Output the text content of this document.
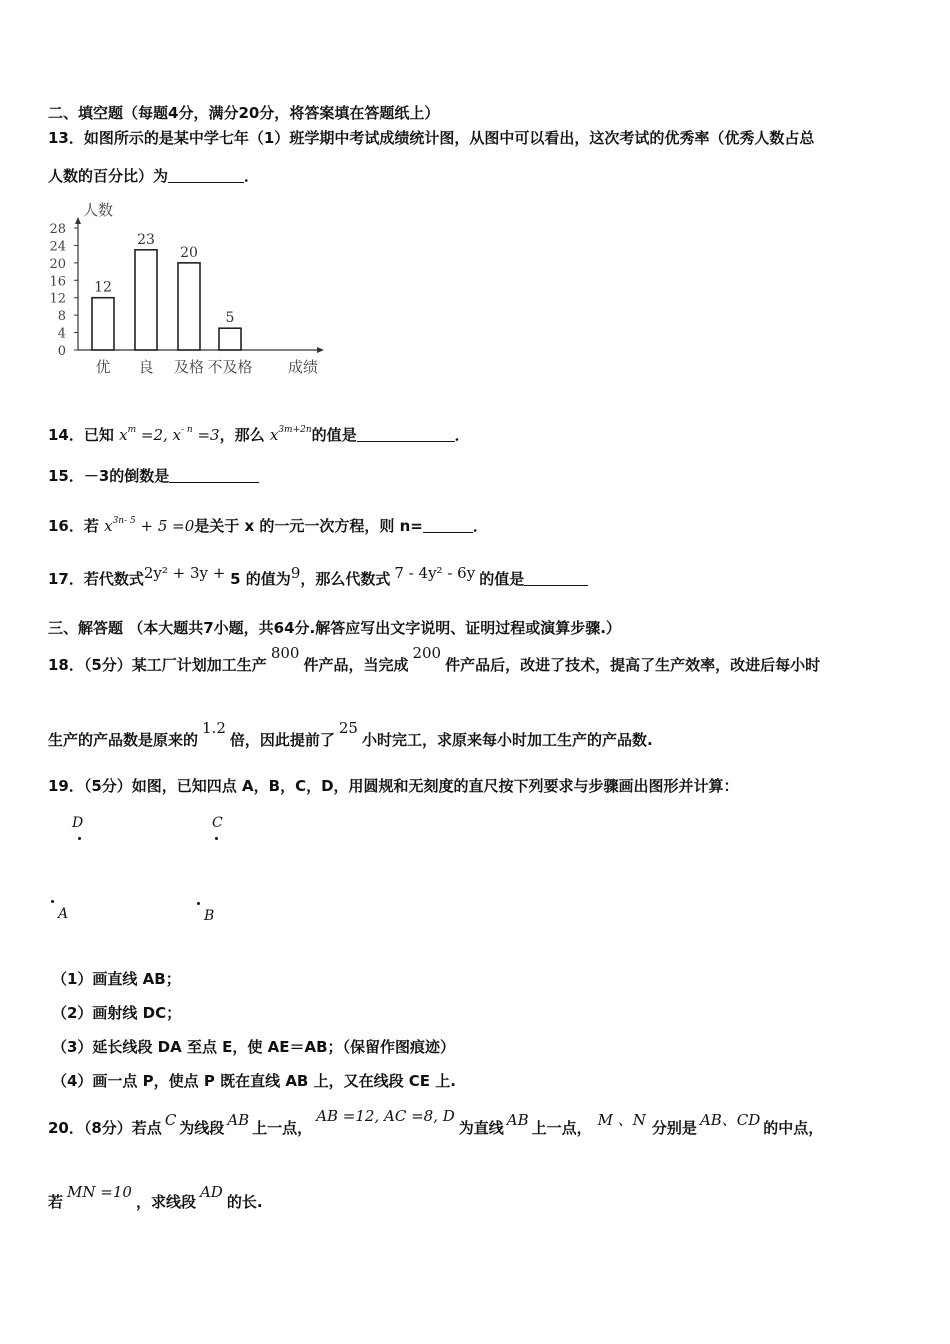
二、填空题（每题4分，满分20分，将答案填在答题纸上）
13．如图所示的是某中学七年（1）班学期中考试成绩统计图，从图中可以看出，这次考试的优秀率（优秀人数占总
人数的百分比）为	．
人数
0
4
8
12
16
20
24
28
12
优
23
良
20
及格
5
不及格 成绩
14．已知 $x^m =2$, $x^{- n} =3$，那么 $x^{3m+2n}$的值是	．
15．－3的倒数是
16．若 $x^{3n- 5} + 5 =0$是关于 x 的一元一次方程，则 n=	．
17．若代数式2y² + 3y + 5 的值为9，那么代数式 7 - 4y² - 6y 的值是
三、解答题 （本大题共7小题，共64分.解答应写出文字说明、证明过程或演算步骤.）
18．（5分）某工厂计划加工生产800件产品，当完成200件产品后，改进了技术，提高了生产效率，改进后每小时
生产的产品数是原来的1.2倍，因此提前了25小时完工，求原来每小时加工生产的产品数.
19．（5分）如图，已知四点 A，B，C，D，用圆规和无刻度的直尺按下列要求与步骤画出图形并计算：
D	C
A	B
（1）画直线 AB；
（2）画射线 DC；
（3）延长线段 DA 至点 E，使 AE＝AB；（保留作图痕迹）
（4）画一点 P，使点 P 既在直线 AB 上，又在线段 CE 上.
20．（8分）若点 C 为线段 AB 上一点，AB =12, AC =8, D为直线 AB 上一点， M 、N 分别是 AB、CD 的中点，
若MN =10，求线段AD的长.
